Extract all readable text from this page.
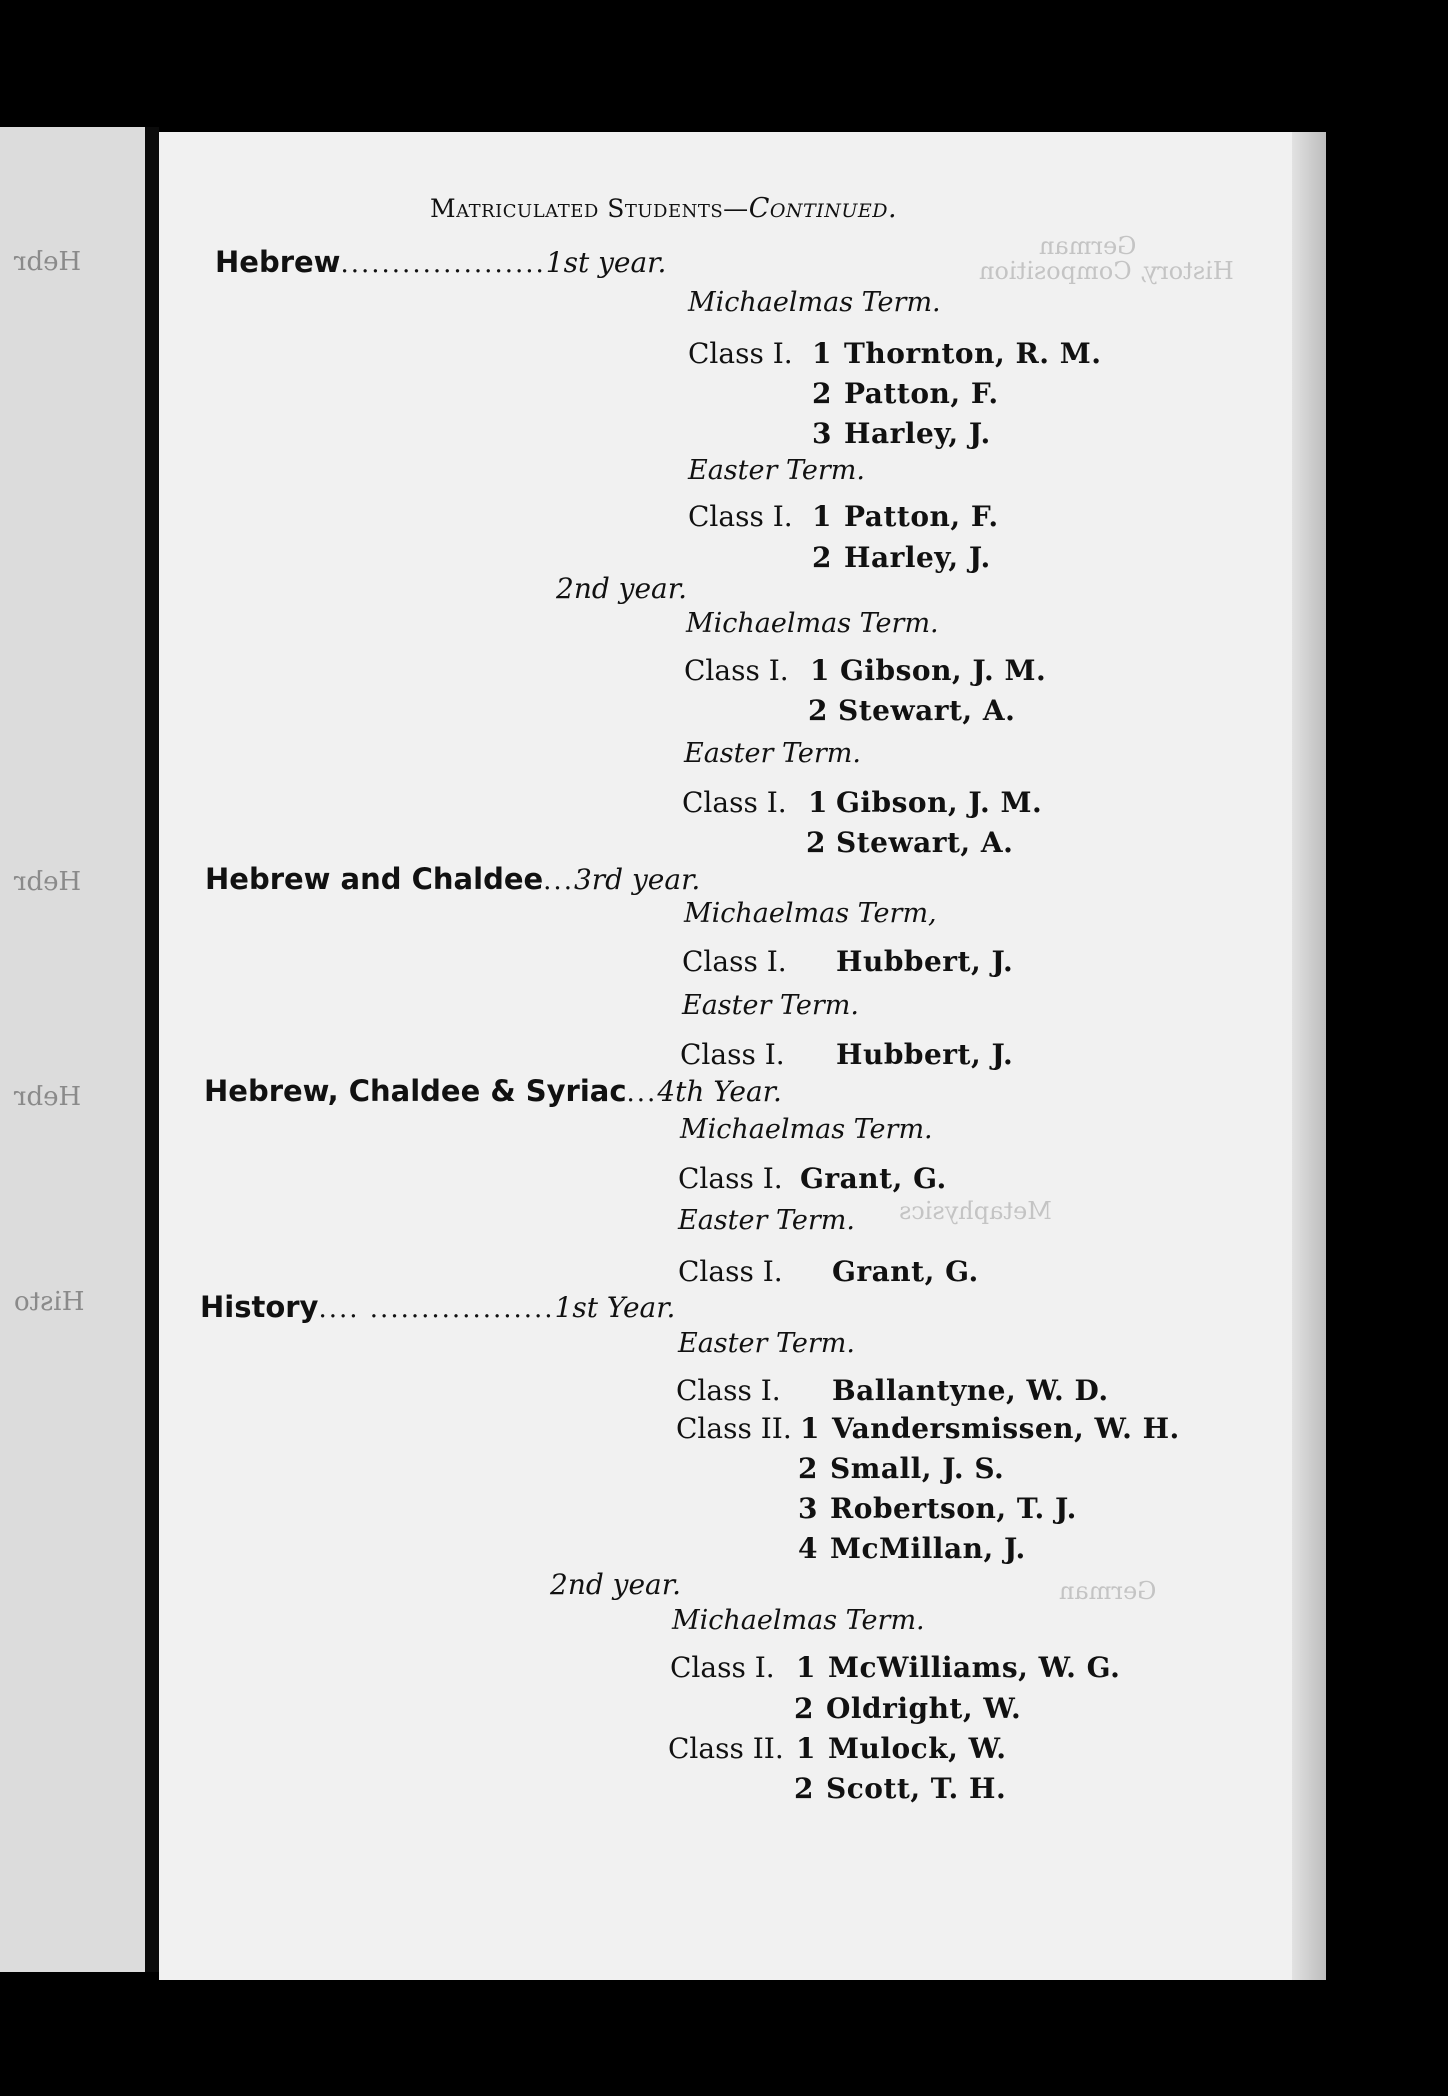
Hebr
Hebr
Hebr
Histo
German
History, Composition
Metaphysics
German
Matriculated Students—Continued.
Hebrew....................1st year.
Michaelmas Term.
Class I. 1 Thornton, R. M.
2 Patton, F.
3 Harley, J.
Easter Term.
Class I. 1 Patton, F.
2 Harley, J.
2nd year.
Michaelmas Term.
Class I. 1 Gibson, J. M.
2 Stewart, A.
Easter Term.
Class I. 1 Gibson, J. M.
2 Stewart, A.
Hebrew and Chaldee...3rd year.
Michaelmas Term,
Class I. Hubbert, J.
Easter Term.
Class I. Hubbert, J.
Hebrew, Chaldee & Syriac...4th Year.
Michaelmas Term.
Class I. Grant, G.
Easter Term.
Class I. Grant, G.
History.... ..................1st Year.
Easter Term.
Class I. Ballantyne, W. D.
Class II. 1 Vandersmissen, W. H.
2 Small, J. S.
3 Robertson, T. J.
4 McMillan, J.
2nd year.
Michaelmas Term.
Class I. 1 McWilliams, W. G.
2 Oldright, W.
Class II. 1 Mulock, W.
2 Scott, T. H.
